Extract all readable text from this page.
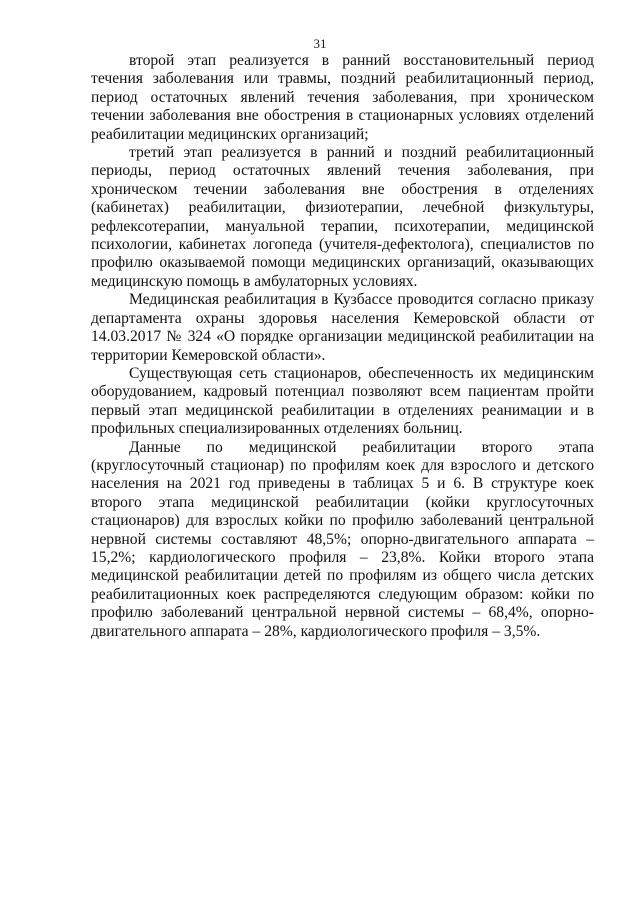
31

второй этап реализуется в ранний восстановительный период течения заболевания или травмы, поздний реабилитационный период, период остаточных явлений течения заболевания, при хроническом течении заболевания вне обострения в стационарных условиях отделений реабилитации медицинских организаций;

третий этап реализуется в ранний и поздний реабилитационный периоды, период остаточных явлений течения заболевания, при хроническом течении заболевания вне обострения в отделениях (кабинетах) реабилитации, физиотерапии, лечебной физкультуры, рефлексотерапии, мануальной терапии, психотерапии, медицинской психологии, кабинетах логопеда (учителя-дефектолога), специалистов по профилю оказываемой помощи медицинских организаций, оказывающих медицинскую помощь в амбулаторных условиях.

Медицинская реабилитация в Кузбассе проводится согласно приказу департамента охраны здоровья населения Кемеровской области от 14.03.2017 № 324 «О порядке организации медицинской реабилитации на территории Кемеровской области».

Существующая сеть стационаров, обеспеченность их медицинским оборудованием, кадровый потенциал позволяют всем пациентам пройти первый этап медицинской реабилитации в отделениях реанимации и в профильных специализированных отделениях больниц.

Данные по медицинской реабилитации второго этапа (круглосуточный стационар) по профилям коек для взрослого и детского населения на 2021 год приведены в таблицах 5 и 6. В структуре коек второго этапа медицинской реабилитации (койки круглосуточных стационаров) для взрослых койки по профилю заболеваний центральной нервной системы составляют 48,5%; опорно-двигательного аппарата – 15,2%; кардиологического профиля – 23,8%. Койки второго этапа медицинской реабилитации детей по профилям из общего числа детских реабилитационных коек распределяются следующим образом: койки по профилю заболеваний центральной нервной системы – 68,4%, опорно-двигательного аппарата – 28%, кардиологического профиля – 3,5%.
